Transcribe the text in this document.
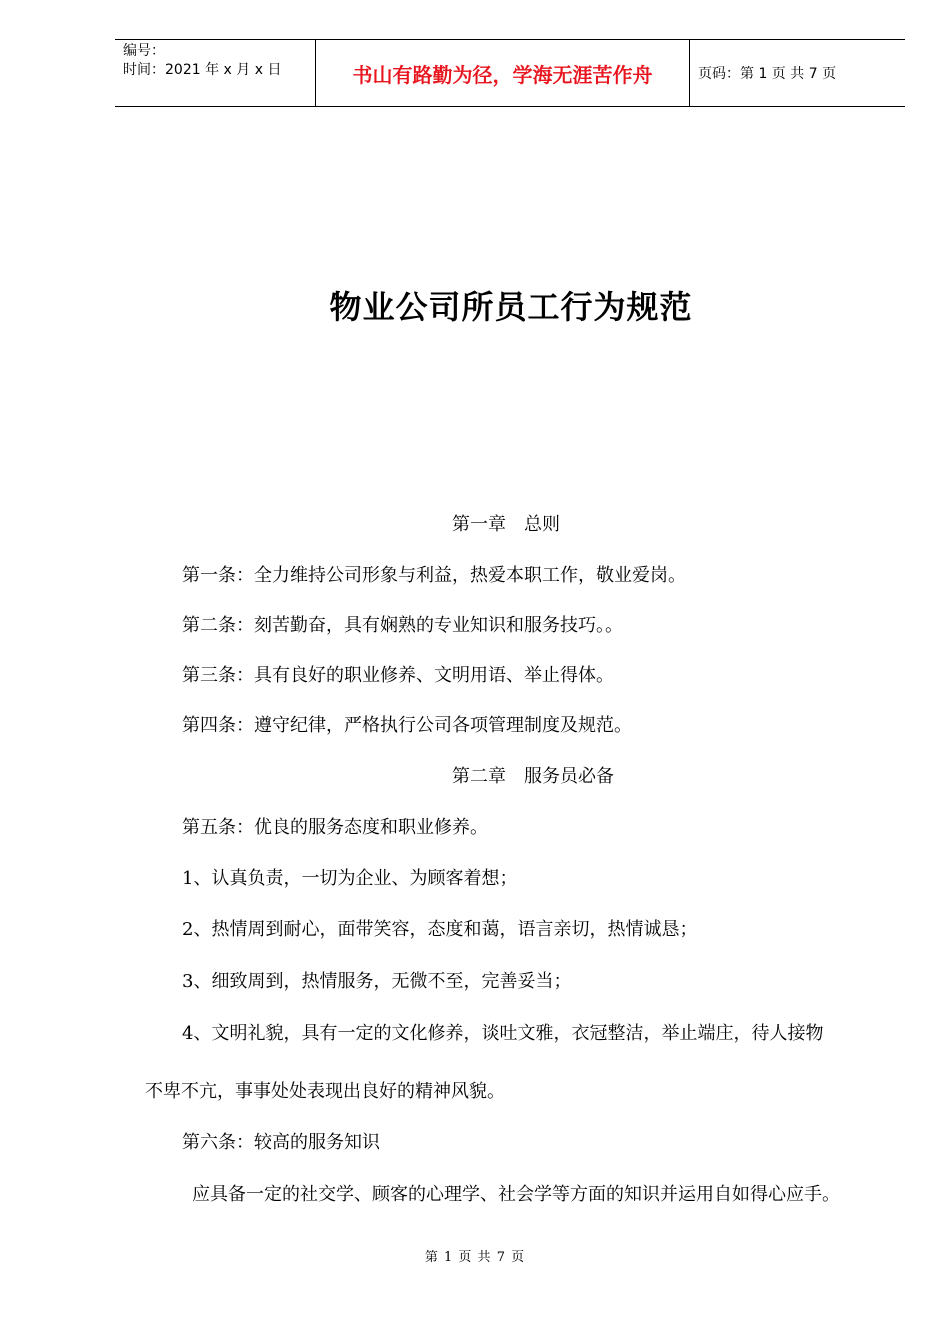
编号：
时间：2021 年 x 月 x 日	书山有路勤为径，学海无涯苦作舟	页码：第 1 页 共 7 页
物业公司所员工行为规范
第一章　总则
第一条：全力维持公司形象与利益，热爱本职工作，敬业爱岗。
第二条：刻苦勤奋，具有娴熟的专业知识和服务技巧。。
第三条：具有良好的职业修养、文明用语、举止得体。
第四条：遵守纪律，严格执行公司各项管理制度及规范。
第二章　服务员必备
第五条：优良的服务态度和职业修养。
1、认真负责，一切为企业、为顾客着想；
2、热情周到耐心，面带笑容，态度和蔼，语言亲切，热情诚恳；
3、细致周到，热情服务，无微不至，完善妥当；
4、文明礼貌，具有一定的文化修养，谈吐文雅，衣冠整洁，举止端庄，待人接物
不卑不亢，事事处处表现出良好的精神风貌。
第六条：较高的服务知识
应具备一定的社交学、顾客的心理学、社会学等方面的知识并运用自如得心应手。
第 1 页 共 7 页
